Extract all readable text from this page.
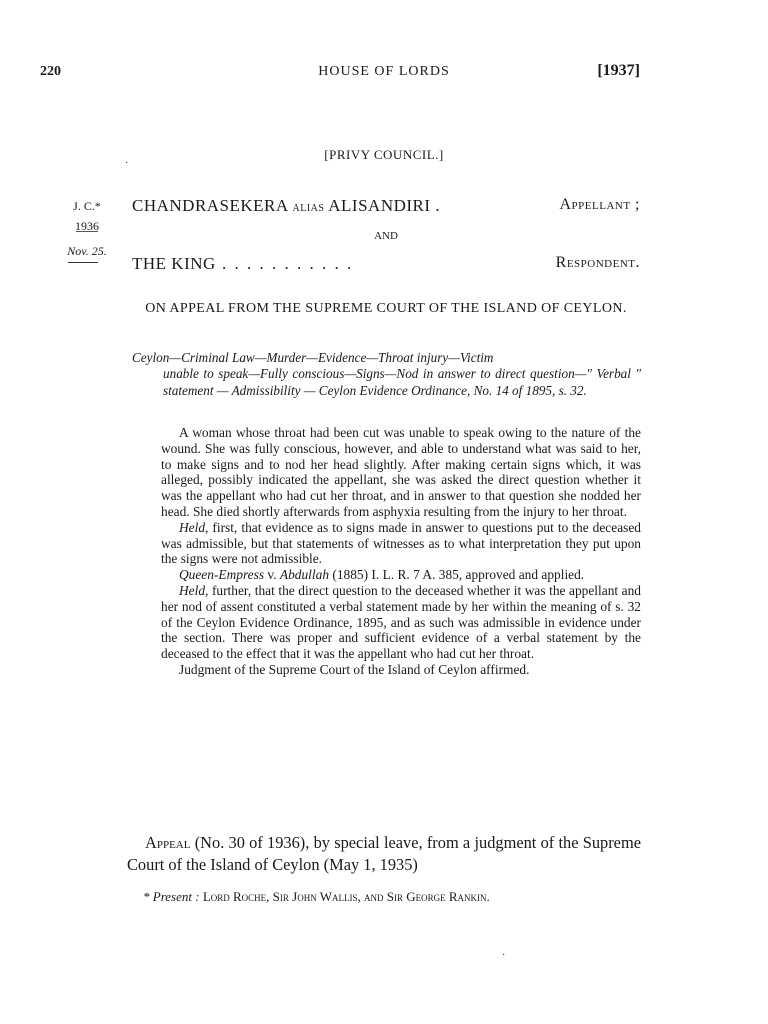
220	HOUSE OF LORDS	[1937]
[PRIVY COUNCIL.]
·
J. C.*
1936
Nov. 25.
CHANDRASEKERA alias ALISANDIRI .	Appellant ;
AND
THE KING . . . . . . . . . . .	Respondent.
ON APPEAL FROM THE SUPREME COURT OF THE ISLAND OF CEYLON.
Ceylon—Criminal Law—Murder—Evidence—Throat injury—Victim
unable to speak—Fully conscious—Signs—Nod in answer to direct question—" Verbal " statement — Admissibility — Ceylon Evidence Ordinance, No. 14 of 1895, s. 32.

A woman whose throat had been cut was unable to speak owing to the nature of the wound. She was fully conscious, however, and able to understand what was said to her, to make signs and to nod her head slightly. After making certain signs which, it was alleged, possibly indicated the appellant, she was asked the direct question whether it was the appellant who had cut her throat, and in answer to that question she nodded her head. She died shortly afterwards from asphyxia resulting from the injury to her throat.

Held, first, that evidence as to signs made in answer to questions put to the deceased was admissible, but that statements of witnesses as to what interpretation they put upon the signs were not admissible.

Queen-Empress v. Abdullah (1885) I. L. R. 7 A. 385, approved and applied.

Held, further, that the direct question to the deceased whether it was the appellant and her nod of assent constituted a verbal statement made by her within the meaning of s. 32 of the Ceylon Evidence Ordinance, 1895, and as such was admissible in evidence under the section. There was proper and sufficient evidence of a verbal statement by the deceased to the effect that it was the appellant who had cut her throat.

Judgment of the Supreme Court of the Island of Ceylon affirmed.

Appeal (No. 30 of 1936), by special leave, from a judgment of the Supreme Court of the Island of Ceylon (May 1, 1935)

* Present : Lord Roche, Sir John Wallis, and Sir George Rankin.

·
